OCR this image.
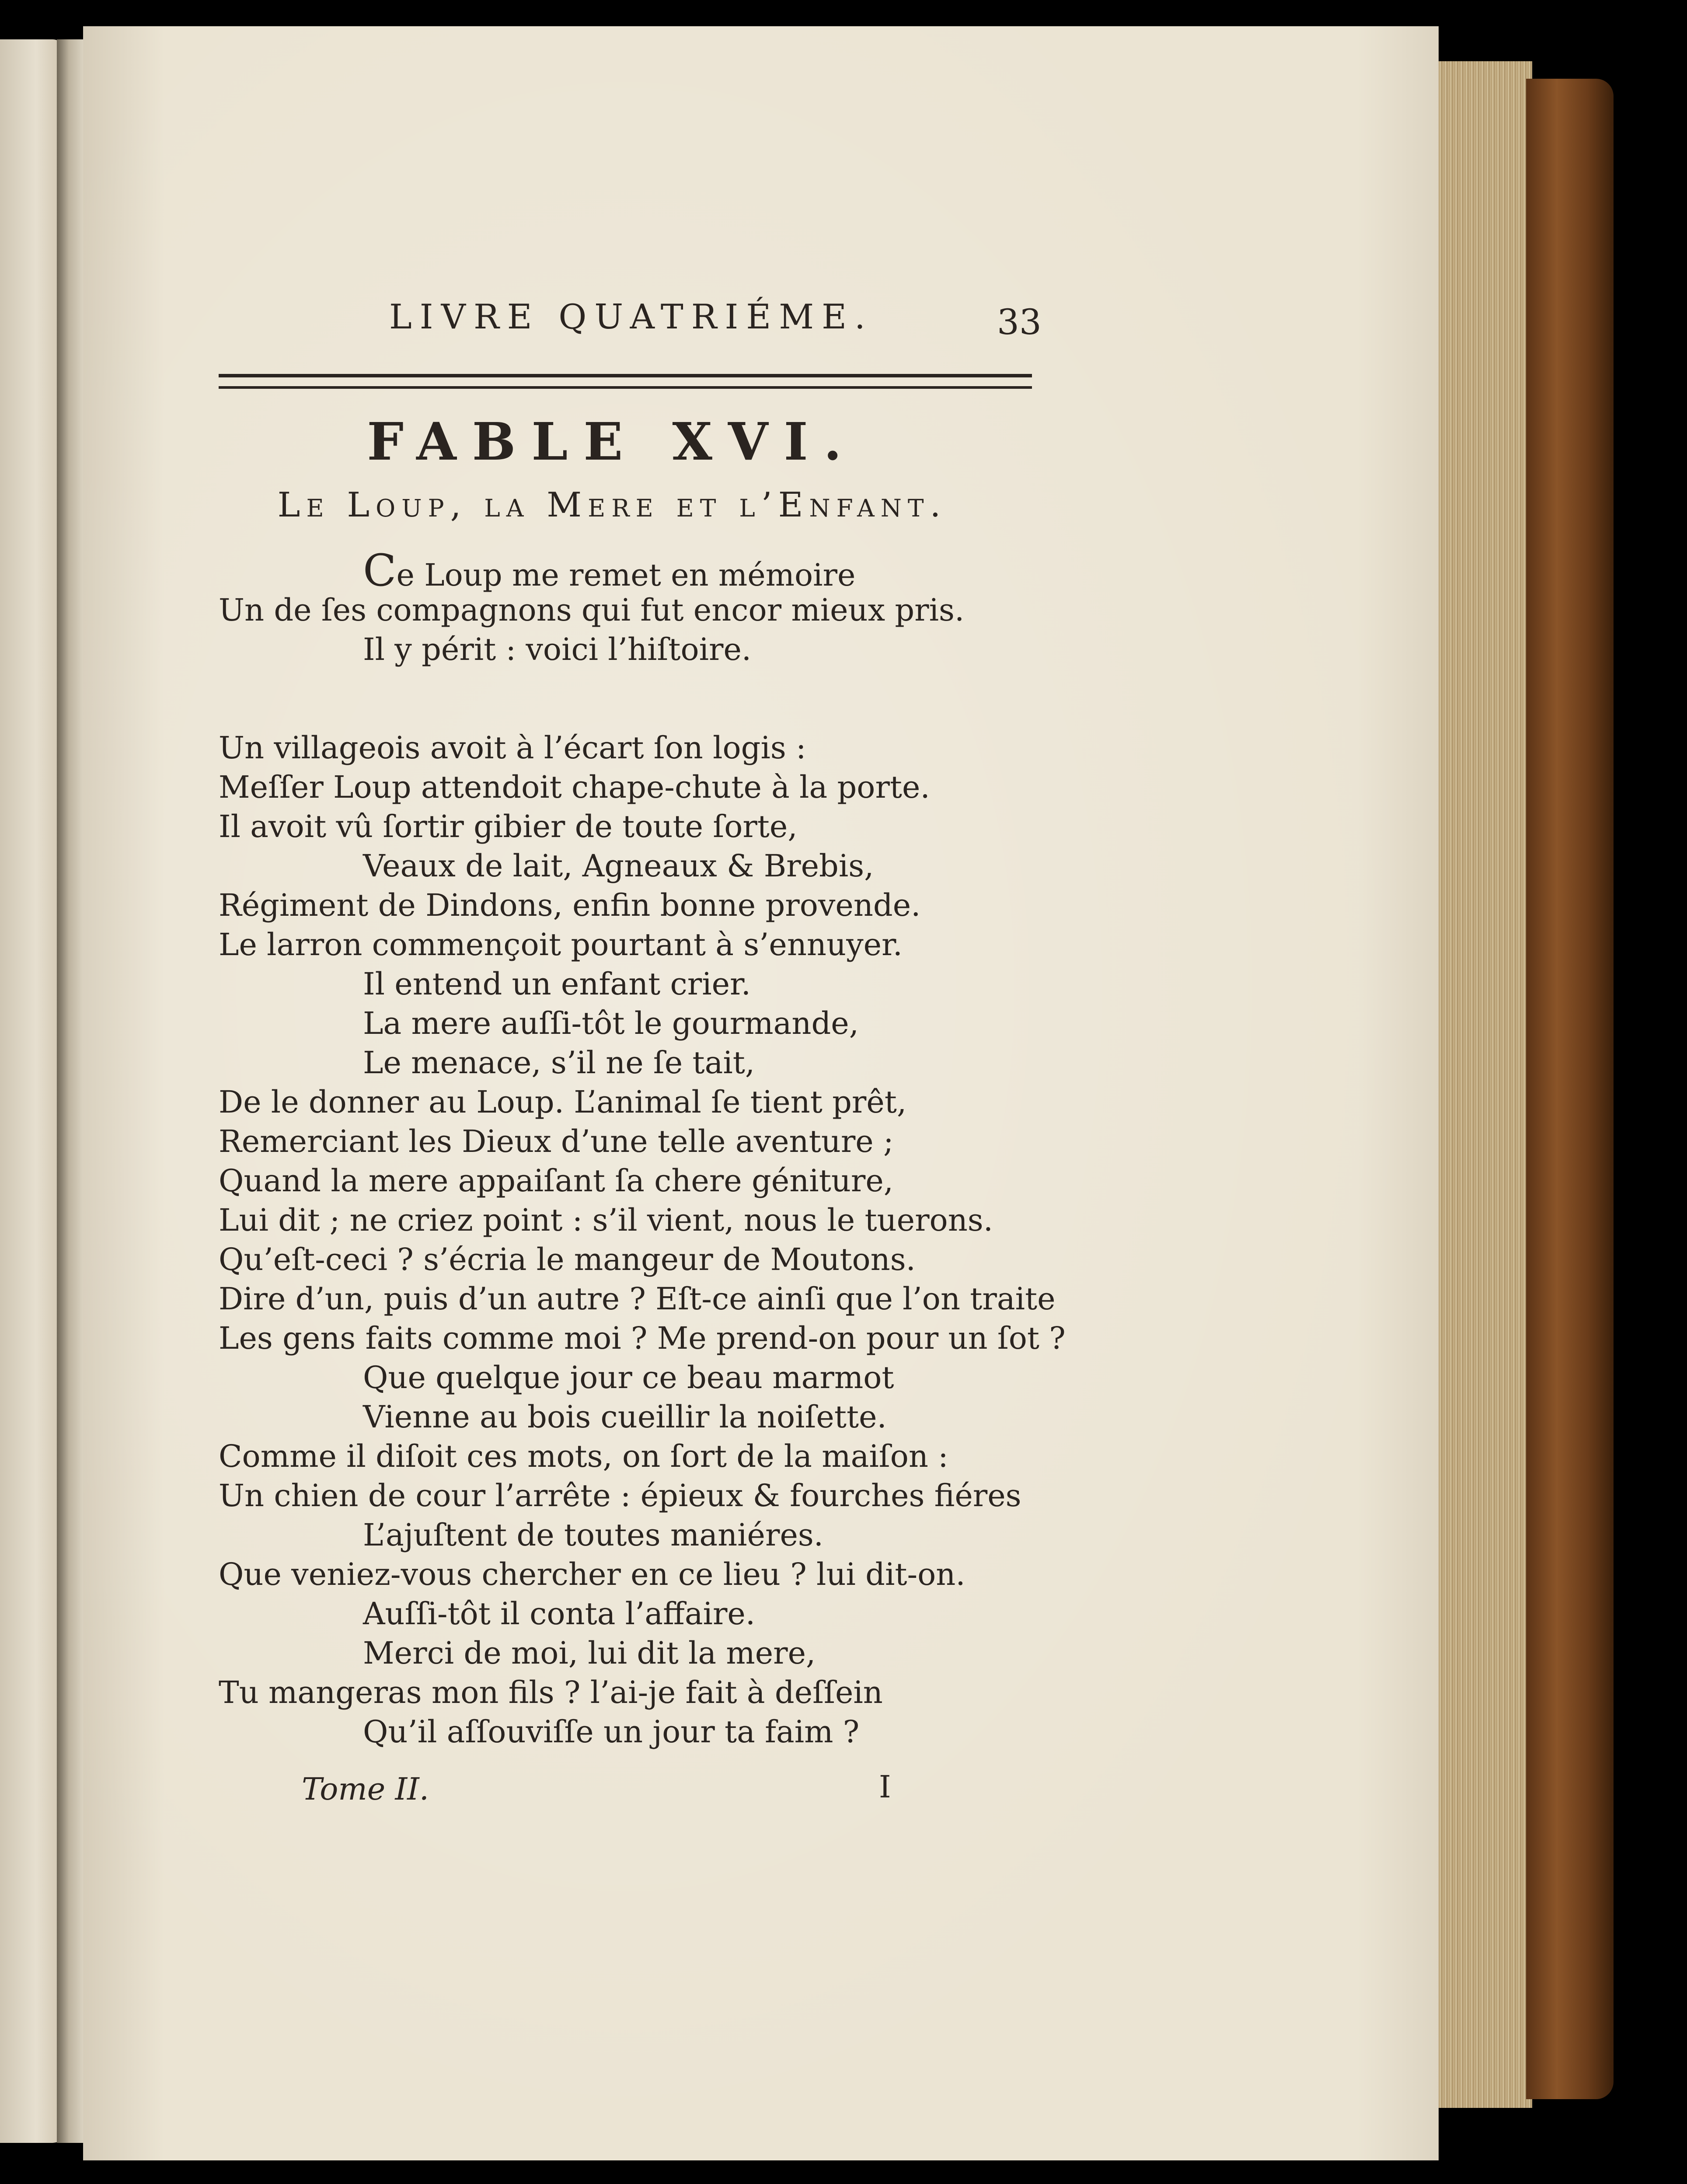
LIVRE QUATRIÉME.	33
FABLE XVI.
Le Loup, la Mere et l’Enfant.
Ce Loup me remet en mémoire
Un de ſes compagnons qui fut encor mieux pris.
Il y périt : voici l’hiſtoire.
Un villageois avoit à l’écart ſon logis :
Meſſer Loup attendoit chape-chute à la porte.
Il avoit vû ſortir gibier de toute ſorte,
Veaux de lait, Agneaux & Brebis,
Régiment de Dindons, enfin bonne provende.
Le larron commençoit pourtant à s’ennuyer.
Il entend un enfant crier.
La mere auſſi-tôt le gourmande,
Le menace, s’il ne ſe tait,
De le donner au Loup. L’animal ſe tient prêt,
Remerciant les Dieux d’une telle aventure ;
Quand la mere appaiſant ſa chere géniture,
Lui dit ; ne criez point : s’il vient, nous le tuerons.
Qu’eſt-ceci ? s’écria le mangeur de Moutons.
Dire d’un, puis d’un autre ? Eſt-ce ainſi que l’on traite
Les gens faits comme moi ? Me prend-on pour un ſot ?
Que quelque jour ce beau marmot
Vienne au bois cueillir la noiſette.
Comme il diſoit ces mots, on ſort de la maiſon :
Un chien de cour l’arrête : épieux & fourches fiéres
L’ajuſtent de toutes maniéres.
Que veniez-vous chercher en ce lieu ? lui dit-on.
Auſſi-tôt il conta l’affaire.
Merci de moi, lui dit la mere,
Tu mangeras mon fils ? l’ai-je fait à deſſein
Qu’il aſſouviſſe un jour ta faim ?
Tome II.	I
